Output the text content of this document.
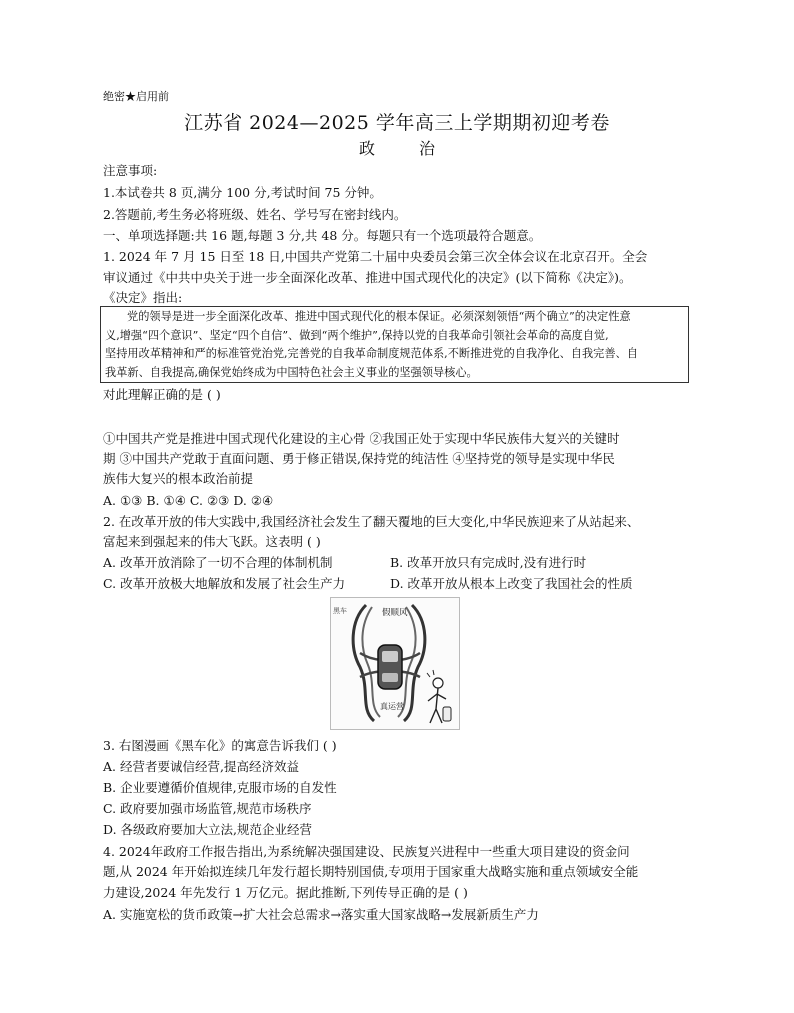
绝密★启用前
江苏省 2024—2025 学年高三上学期期初迎考卷
政	治
注意事项:
1.本试卷共 8 页,满分 100 分,考试时间 75 分钟。
2.答题前,考生务必将班级、姓名、学号写在密封线内。
一、单项选择题:共 16 题,每题 3 分,共 48 分。每题只有一个选项最符合题意。
1. 2024 年 7 月 15 日至 18 日,中国共产党第二十届中央委员会第三次全体会议在北京召开。全会
审议通过《中共中央关于进一步全面深化改革、推进中国式现代化的决定》(以下简称《决定》)。
《决定》指出:
党的领导是进一步全面深化改革、推进中国式现代化的根本保证。必须深刻领悟“两个确立”的决定性意
义,增强“四个意识”、坚定“四个自信”、做到“两个维护”,保持以党的自我革命引领社会革命的高度自觉,
坚持用改革精神和严的标准管党治党,完善党的自我革命制度规范体系,不断推进党的自我净化、自我完善、自
我革新、自我提高,确保党始终成为中国特色社会主义事业的坚强领导核心。
对此理解正确的是 ( )
①中国共产党是推进中国式现代化建设的主心骨 ②我国正处于实现中华民族伟大复兴的关键时
期 ③中国共产党敢于直面问题、勇于修正错误,保持党的纯洁性 ④坚持党的领导是实现中华民
族伟大复兴的根本政治前提
A. ①③ B. ①④ C. ②③ D. ②④
2. 在改革开放的伟大实践中,我国经济社会发生了翻天覆地的巨大变化,中华民族迎来了从站起来、
富起来到强起来的伟大飞跃。这表明 ( )
A. 改革开放消除了一切不合理的体制机制	B. 改革开放只有完成时,没有进行时
C. 改革开放极大地解放和发展了社会生产力	D. 改革开放从根本上改变了我国社会的性质
黑车	假顺风
真运营
3. 右图漫画《黑车化》的寓意告诉我们 ( )
A. 经营者要诚信经营,提高经济效益
B. 企业要遵循价值规律,克服市场的自发性
C. 政府要加强市场监管,规范市场秩序
D. 各级政府要加大立法,规范企业经营
4. 2024年政府工作报告指出,为系统解决强国建设、民族复兴进程中一些重大项目建设的资金问
题,从 2024 年开始拟连续几年发行超长期特别国债,专项用于国家重大战略实施和重点领域安全能
力建设,2024 年先发行 1 万亿元。据此推断,下列传导正确的是 ( )
A. 实施宽松的货币政策→扩大社会总需求→落实重大国家战略→发展新质生产力
